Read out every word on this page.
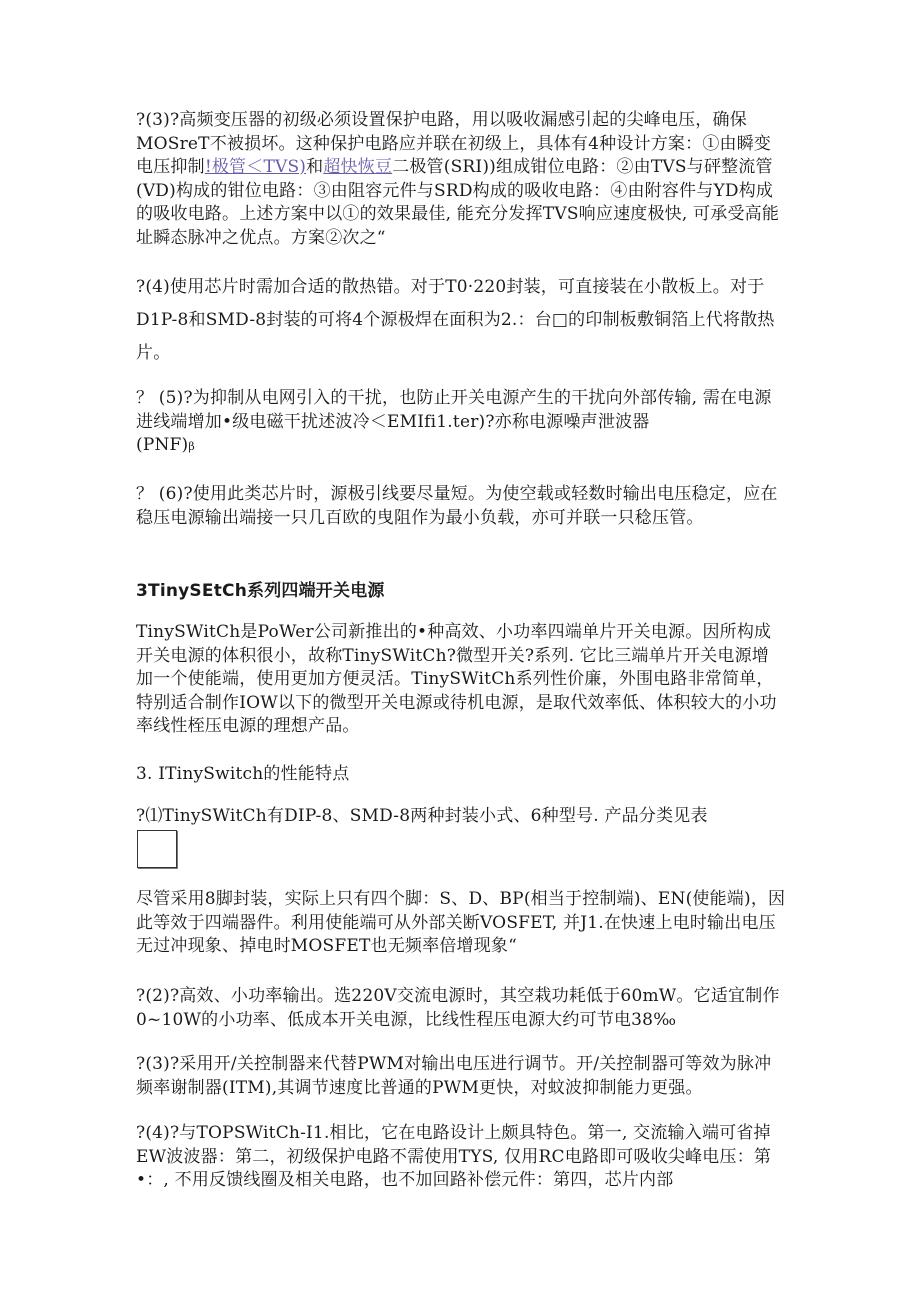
?(3)?高频变压器的初级必须设置保护电路，用以吸收漏感引起的尖峰电压，确保MOSreT不被损坏。这种保护电路应并联在初级上，具体有4种设计方案：①由瞬变电压抑制!极管＜TVS)和超快恢豆二极管(SRI))组成钳位电路：②由TVS与砰整流管(VD)构成的钳位电路：③由阻容元件与SRD构成的吸收电路：④由附容件与YD构成的吸收电路。上述方案中以①的效果最佳, 能充分发挥TVS响应速度极快, 可承受高能址瞬态脉冲之优点。方案②次之“

?(4)使用芯片时需加合适的散热错。对于T0·220封装，可直接装在小散板上。对于D1P-8和SMD-8封装的可将4个源极焊在面积为2.：台□的印制板敷铜箔上代将散热片。

？ (5)?为抑制从电网引入的干扰，也防止开关电源产生的干扰向外部传输, 需在电源进线端增加•级电磁干扰述波冷＜EMIfi1.ter)?亦称电源噪声泄波器
(PNF)β

？ (6)?使用此类芯片时，源极引线要尽量短。为使空载或轻数时输出电压稳定，应在稳压电源输出端接一只几百欧的曳阻作为最小负载，亦可并联一只稔压管。

3TinySEtCh系列四端开关电源

TinySWitCh是PoWer公司新推出的•种高效、小功率四端单片开关电源。因所构成开关电源的体积很小，故称TinySWitCh?微型开关?系列. 它比三端单片开关电源增加一个使能端，使用更加方便灵活。TinySWitCh系列性价廉，外围电路非常简单，特别适合制作IOW以下的微型开关电源或待机电源，是取代效率低、体积较大的小功率线性桎压电源的理想产品。

3. ITinySwitch的性能特点

?⑴TinySWitCh有DIP-8、SMD-8两种封装小式、6种型号. 产品分类见表

尽管采用8脚封装，实际上只有四个脚：S、D、BP(相当于控制端)、EN(使能端)，因此等效于四端器件。利用使能端可从外部关断VOSFET, 并J1.在快速上电时输出电压无过冲现象、掉电时MOSFET也无频率倍增现象“

?(2)?高效、小功率输出。选220V交流电源时，其空栽功耗低于60mW。它适宜制作0~10W的小功率、低成本开关电源，比线性程压电源大约可节电38‰

?(3)?采用开/关控制器来代替PWM对输出电压进行调节。开/关控制器可等效为脉冲频率谢制器(ITM),其调节速度比普通的PWM更快，对蚊波抑制能力更强。

?(4)?与TOPSWitCh-I1.相比，它在电路设计上颇具特色。第一, 交流输入端可省掉EW波波器：第二，初级保护电路不需使用TYS, 仅用RC电路即可吸收尖峰电压：第•：, 不用反馈线圈及相关电路，也不加回路补偿元件：第四，芯片内部
